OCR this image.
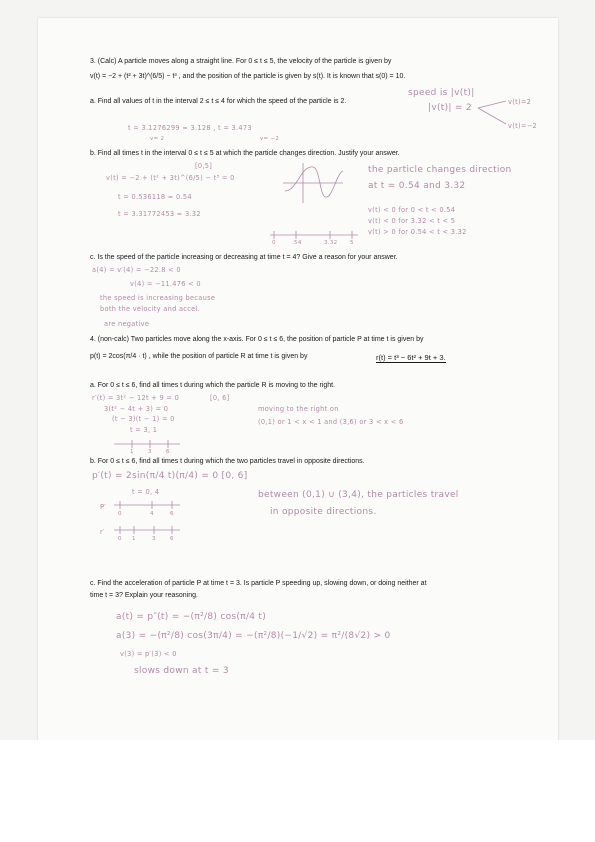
3. (Calc) A particle moves along a straight line. For 0 ≤ t ≤ 5, the velocity of the particle is given by
v(t) = −2 + (t² + 3t)^(6/5) − t³ , and the position of the particle is given by s(t). It is known that s(0) = 10.
a. Find all values of t in the interval 2 ≤ t ≤ 4 for which the speed of the particle is 2.
speed is |v(t)|
|v(t)| = 2
v(t)=2
v(t)=−2
t = 3.1276299 ≈ 3.128 , t = 3.473
v= 2	v= −2
b. Find all times t in the interval 0 ≤ t ≤ 5 at which the particle changes direction. Justify your answer.
[0,5]
v(t) = −2 + (t² + 3t)^(6/5) − t³ = 0
t = 0.536118 ≈ 0.54
t = 3.31772453 ≈ 3.32
the particle changes direction
at t = 0.54 and 3.32
v(t) < 0 for 0 < t < 0.54
v(t) < 0 for 3.32 < t < 5
v(t) > 0 for 0.54 < t < 3.32
0	.54	3.32 5
c. Is the speed of the particle increasing or decreasing at time t = 4? Give a reason for your answer.
a(4) = v′(4) = −22.8 < 0
v(4) = −11.476 < 0
the speed is increasing because
both the velocity and accel.
are negative
4. (non-calc) Two particles move along the x-axis. For 0 ≤ t ≤ 6, the position of particle P at time t is given by
p(t) = 2cos(π/4 · t) , while the position of particle R at time t is given by	r(t) = t³ − 6t² + 9t + 3.
a. For 0 ≤ t ≤ 6, find all times t during which the particle R is moving to the right.
r′(t) = 3t² − 12t + 9 = 0	[0, 6]
3(t² − 4t + 3) = 0
(t − 3)(t − 1) = 0
t = 3, 1
1	3	6
moving to the right on
(0,1) or 1 < x < 1 and (3,6) or 3 < x < 6
b. For 0 ≤ t ≤ 6, find all times t during which the two particles travel in opposite directions.
p′(t) = 2sin(π/4 t)(π/4) = 0 [0, 6]
t = 0, 4
P′
0	4	6
r′
0 1	3	6
between (0,1) ∪ (3,4), the particles travel
in opposite directions.
c. Find the acceleration of particle P at time t = 3. Is particle P speeding up, slowing down, or doing neither at
time t = 3? Explain your reasoning.
a(t) = p″(t) = −(π²/8) cos(π/4 t)
a(3) = −(π²/8) cos(3π/4) = −(π²/8)(−1/√2) = π²/(8√2) > 0
v(3) = p′(3) < 0
slows down at t = 3
